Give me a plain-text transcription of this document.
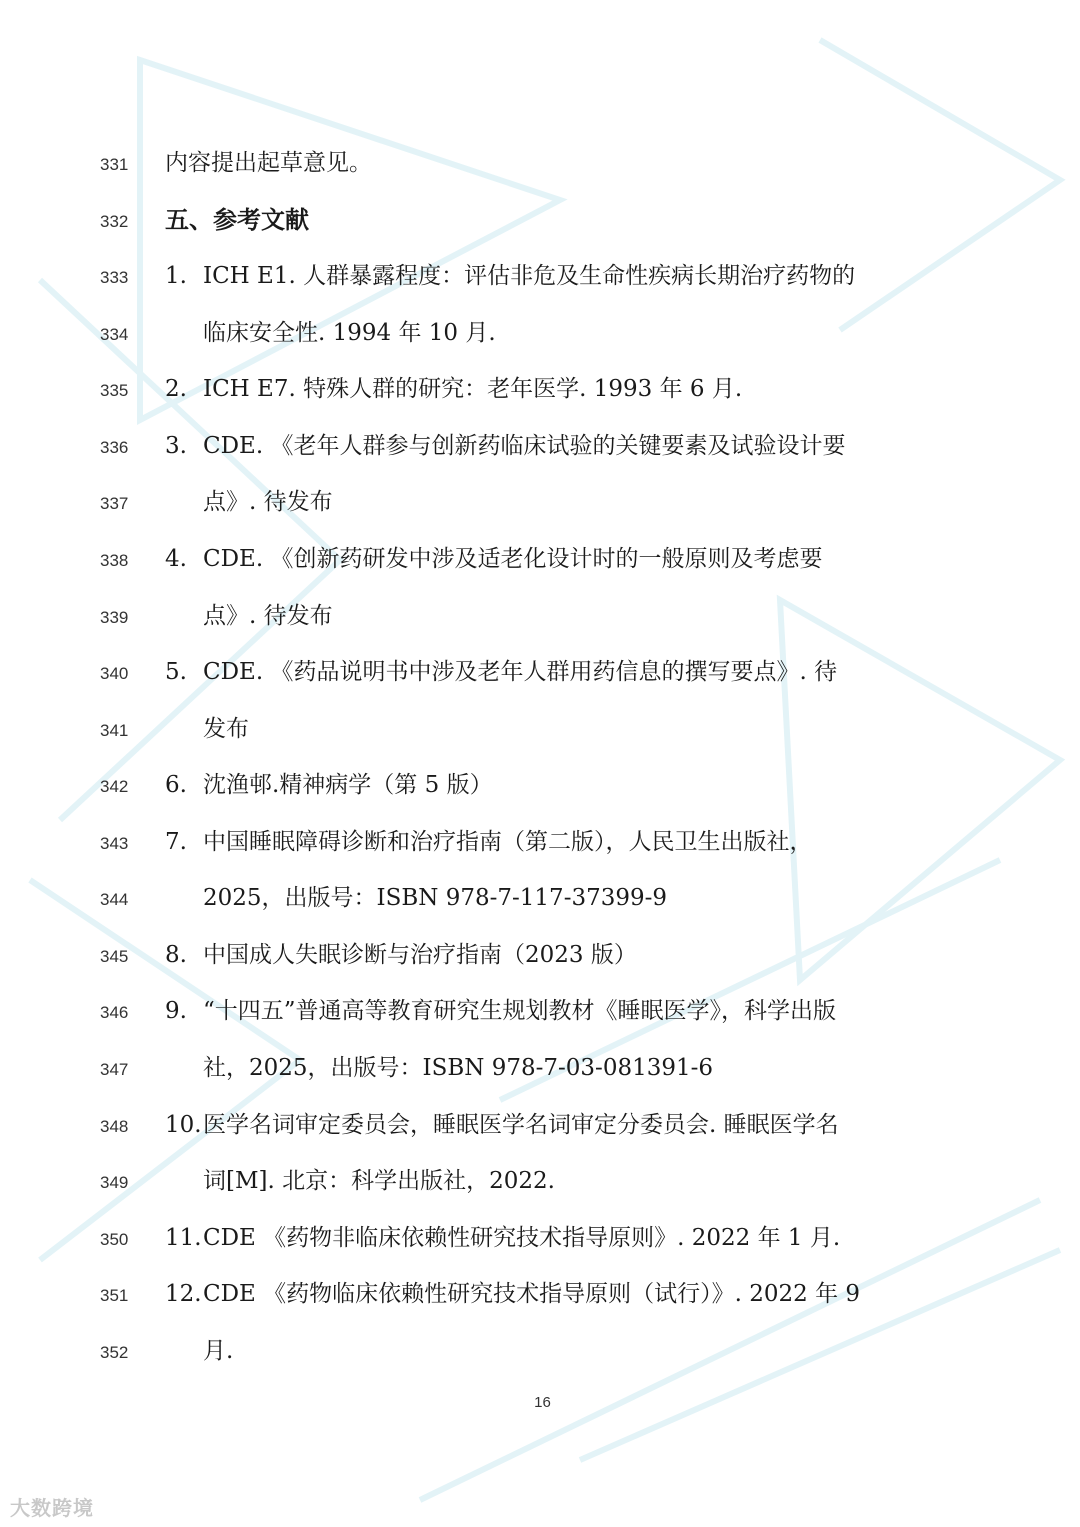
331	内容提出起草意见。
332	五、参考文献
333	1. ICH E1. 人群暴露程度：评估非危及生命性疾病长期治疗药物的
334	临床安全性. 1994 年 10 月.
335	2. ICH E7. 特殊人群的研究：老年医学. 1993 年 6 月.
336	3. CDE. 《老年人群参与创新药临床试验的关键要素及试验设计要
337	点》. 待发布
338	4. CDE. 《创新药研发中涉及适老化设计时的一般原则及考虑要
339	点》. 待发布
340	5. CDE. 《药品说明书中涉及老年人群用药信息的撰写要点》. 待
341	发布
342	6. 沈渔邨.精神病学（第 5 版）
343	7. 中国睡眠障碍诊断和治疗指南（第二版），人民卫生出版社，
344	2025，出版号：ISBN 978-7-117-37399-9
345	8. 中国成人失眠诊断与治疗指南（2023 版）
346	9. “十四五”普通高等教育研究生规划教材《睡眠医学》，科学出版
347	社，2025，出版号：ISBN 978-7-03-081391-6
348	10. 医学名词审定委员会，睡眠医学名词审定分委员会. 睡眠医学名
349	词[M]. 北京：科学出版社，2022.
350	11. CDE 《药物非临床依赖性研究技术指导原则》. 2022 年 1 月.
351	12. CDE 《药物临床依赖性研究技术指导原则（试行）》. 2022 年 9
352	月.
16
大数跨境
